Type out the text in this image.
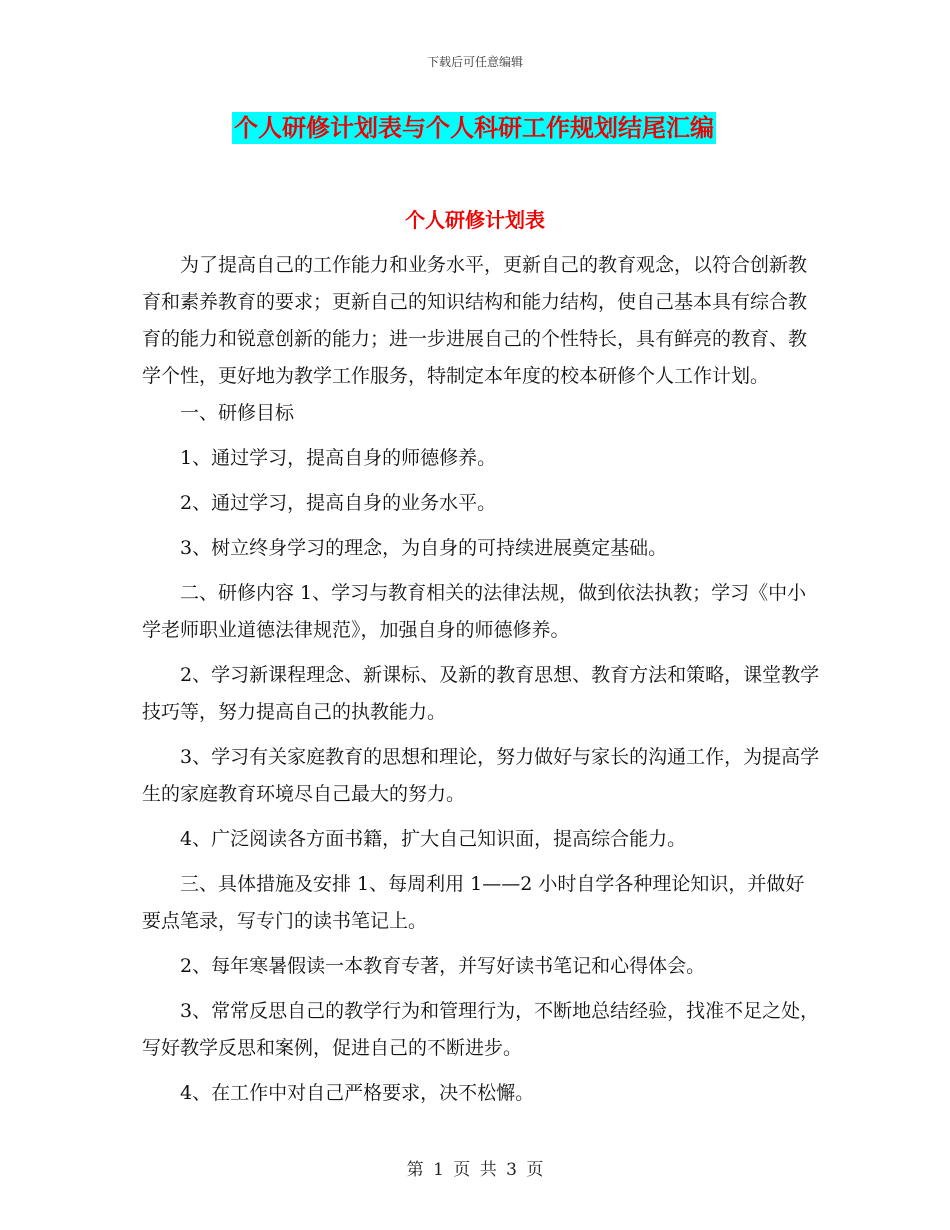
下载后可任意编辑
个人研修计划表与个人科研工作规划结尾汇编
个人研修计划表

为了提高自己的工作能力和业务水平，更新自己的教育观念，以符合创新教育和素养教育的要求；更新自己的知识结构和能力结构，使自己基本具有综合教育的能力和锐意创新的能力；进一步进展自己的个性特长，具有鲜亮的教育、教学个性，更好地为教学工作服务，特制定本年度的校本研修个人工作计划。

一、研修目标

1、通过学习，提高自身的师德修养。

2、通过学习，提高自身的业务水平。

3、树立终身学习的理念，为自身的可持续进展奠定基础。

二、研修内容 1、学习与教育相关的法律法规，做到依法执教；学习《中小学老师职业道德法律规范》，加强自身的师德修养。

2、学习新课程理念、新课标、及新的教育思想、教育方法和策略，课堂教学技巧等，努力提高自己的执教能力。

3、学习有关家庭教育的思想和理论，努力做好与家长的沟通工作，为提高学生的家庭教育环境尽自己最大的努力。

4、广泛阅读各方面书籍，扩大自己知识面，提高综合能力。

三、具体措施及安排 1、每周利用 1——2 小时自学各种理论知识，并做好要点笔录，写专门的读书笔记上。

2、每年寒暑假读一本教育专著，并写好读书笔记和心得体会。

3、常常反思自己的教学行为和管理行为，不断地总结经验，找准不足之处，写好教学反思和案例，促进自己的不断进步。

4、在工作中对自己严格要求，决不松懈。

第 1 页 共 3 页
